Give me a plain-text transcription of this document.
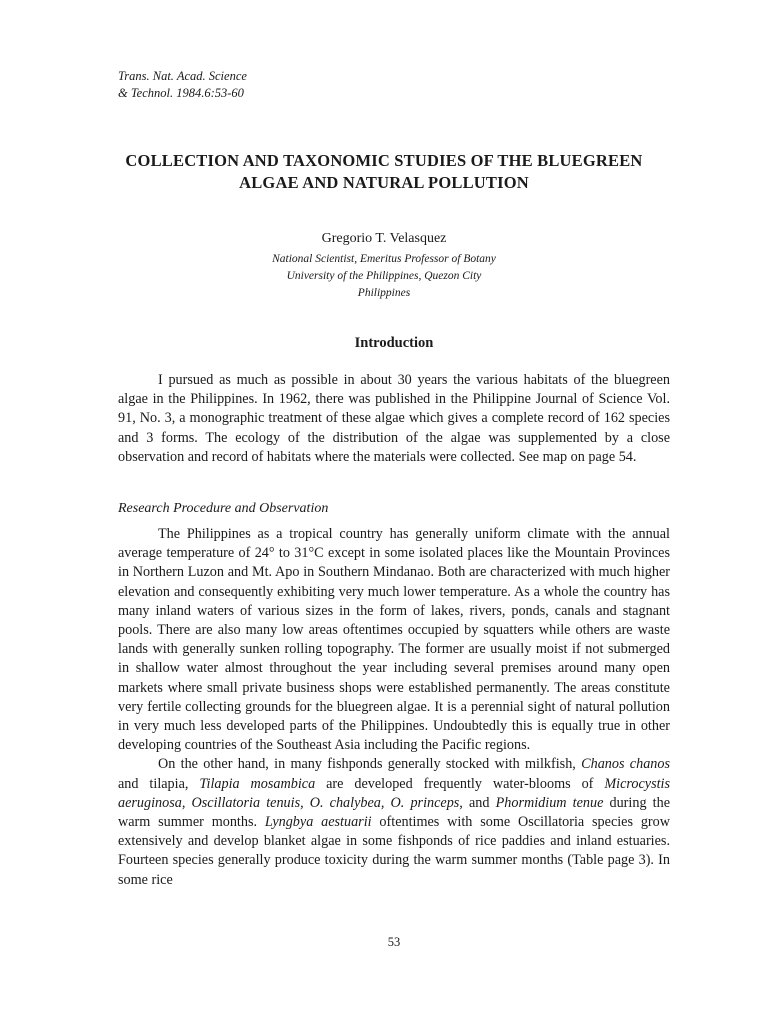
Trans. Nat. Acad. Science
& Technol. 1984.6:53-60
COLLECTION AND TAXONOMIC STUDIES OF THE BLUEGREEN
ALGAE AND NATURAL POLLUTION
Gregorio T. Velasquez
National Scientist, Emeritus Professor of Botany
University of the Philippines, Quezon City
Philippines
Introduction

I pursued as much as possible in about 30 years the various habitats of the bluegreen algae in the Philippines. In 1962, there was published in the Philippine Journal of Science Vol. 91, No. 3, a monographic treatment of these algae which gives a complete record of 162 species and 3 forms. The ecology of the distribution of the algae was supplemented by a close observation and record of habitats where the materials were collected. See map on page 54.

Research Procedure and Observation

The Philippines as a tropical country has generally uniform climate with the annual average temperature of 24° to 31°C except in some isolated places like the Mountain Provinces in Northern Luzon and Mt. Apo in Southern Mindanao. Both are characterized with much higher elevation and consequently exhibiting very much lower temperature. As a whole the country has many inland waters of various sizes in the form of lakes, rivers, ponds, canals and stagnant pools. There are also many low areas oftentimes occupied by squatters while others are waste lands with generally sunken rolling topography. The former are usually moist if not submerged in shallow water almost throughout the year including several premises around many open markets where small private business shops were established permanently. The areas constitute very fertile collecting grounds for the bluegreen algae. It is a perennial sight of natural pollution in very much less developed parts of the Philippines. Undoubtedly this is equally true in other developing countries of the Southeast Asia including the Pacific regions.

On the other hand, in many fishponds generally stocked with milkfish, Chanos chanos and tilapia, Tilapia mosambica are developed frequently water-blooms of Microcystis aeruginosa, Oscillatoria tenuis, O. chalybea, O. princeps, and Phormidium tenue during the warm summer months. Lyngbya aestuarii oftentimes with some Oscillatoria species grow extensively and develop blanket algae in some fishponds of rice paddies and inland estuaries. Fourteen species generally produce toxicity during the warm summer months (Table page 3). In some rice

53
